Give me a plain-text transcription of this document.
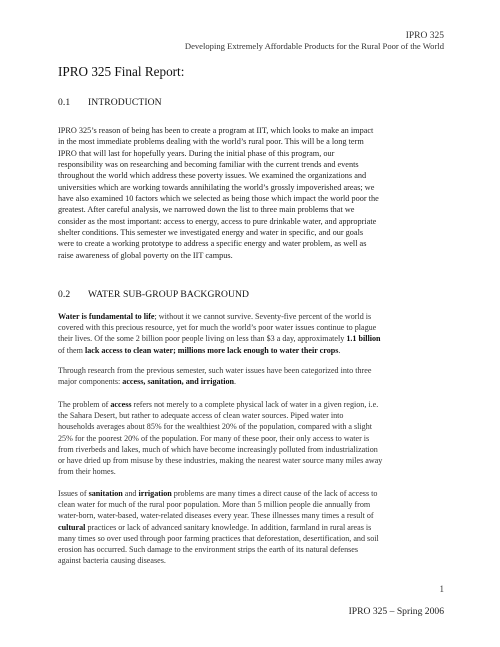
IPRO 325
Developing Extremely Affordable Products for the Rural Poor of the World
IPRO 325 Final Report:
0.1 INTRODUCTION
IPRO 325’s reason of being has been to create a program at IIT, which looks to make an impact
in the most immediate problems dealing with the world’s rural poor. This will be a long term
IPRO that will last for hopefully years. During the initial phase of this program, our
responsibility was on researching and becoming familiar with the current trends and events
throughout the world which address these poverty issues. We examined the organizations and
universities which are working towards annihilating the world’s grossly impoverished areas; we
have also examined 10 factors which we selected as being those which impact the world poor the
greatest. After careful analysis, we narrowed down the list to three main problems that we
consider as the most important: access to energy, access to pure drinkable water, and appropriate
shelter conditions. This semester we investigated energy and water in specific, and our goals
were to create a working prototype to address a specific energy and water problem, as well as
raise awareness of global poverty on the IIT campus.
0.2 WATER SUB-GROUP BACKGROUND
Water is fundamental to life; without it we cannot survive. Seventy-five percent of the world is
covered with this precious resource, yet for much the world’s poor water issues continue to plague
their lives. Of the some 2 billion poor people living on less than $3 a day, approximately 1.1 billion
of them lack access to clean water; millions more lack enough to water their crops.
Through research from the previous semester, such water issues have been categorized into three
major components: access, sanitation, and irrigation.
The problem of access refers not merely to a complete physical lack of water in a given region, i.e.
the Sahara Desert, but rather to adequate access of clean water sources. Piped water into
households averages about 85% for the wealthiest 20% of the population, compared with a slight
25% for the poorest 20% of the population. For many of these poor, their only access to water is
from riverbeds and lakes, much of which have become increasingly polluted from industrialization
or have dried up from misuse by these industries, making the nearest water source many miles away
from their homes.
Issues of sanitation and irrigation problems are many times a direct cause of the lack of access to
clean water for much of the rural poor population. More than 5 million people die annually from
water-born, water-based, water-related diseases every year. These illnesses many times a result of
cultural practices or lack of advanced sanitary knowledge. In addition, farmland in rural areas is
many times so over used through poor farming practices that deforestation, desertification, and soil
erosion has occurred. Such damage to the environment strips the earth of its natural defenses
against bacteria causing diseases.
1
IPRO 325 – Spring 2006
